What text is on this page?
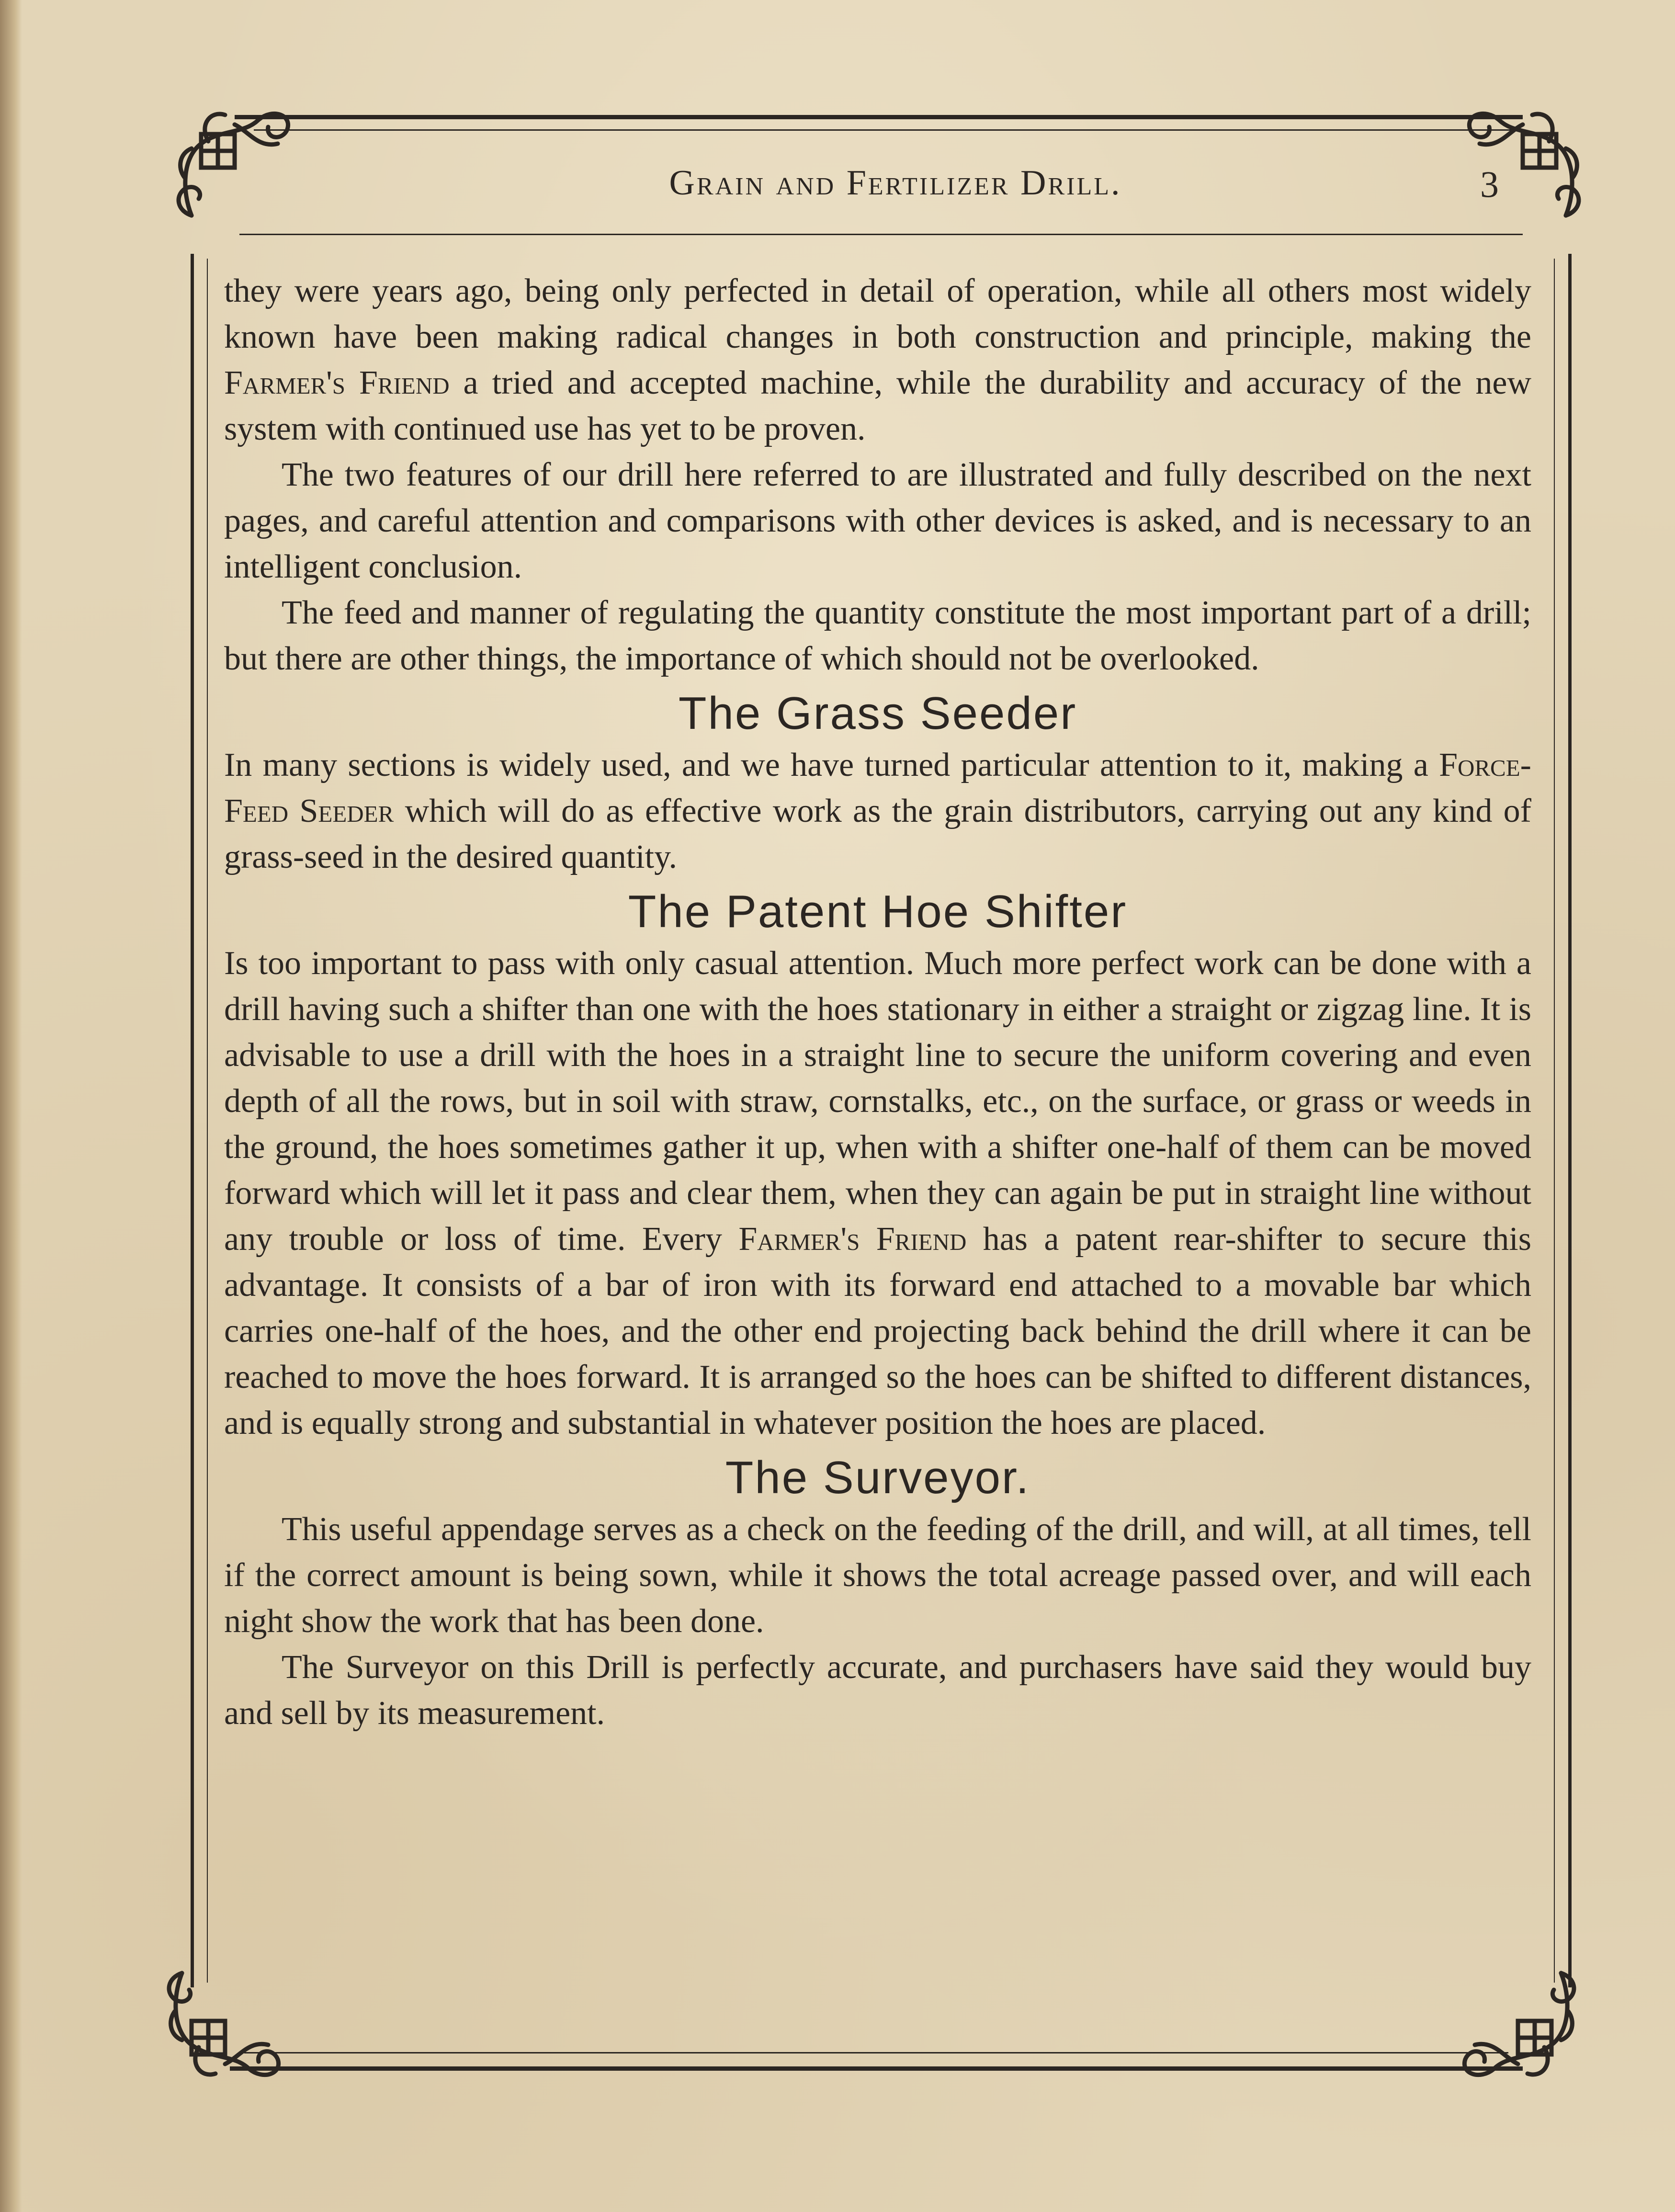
Grain and Fertilizer Drill.	3

they were years ago, being only perfected in detail of operation, while all others most widely known have been making radical changes in both construction and principle, making the Farmer's Friend a tried and accepted machine, while the durability and accuracy of the new system with continued use has yet to be proven.

The two features of our drill here referred to are illustrated and fully described on the next pages, and careful attention and comparisons with other devices is asked, and is necessary to an intelligent conclusion.

The feed and manner of regulating the quantity constitute the most important part of a drill; but there are other things, the importance of which should not be overlooked.

The Grass Seeder

In many sections is widely used, and we have turned particular attention to it, making a Force-Feed Seeder which will do as effective work as the grain distributors, carrying out any kind of grass-seed in the desired quantity.

The Patent Hoe Shifter

Is too important to pass with only casual attention. Much more perfect work can be done with a drill having such a shifter than one with the hoes stationary in either a straight or zigzag line. It is advisable to use a drill with the hoes in a straight line to secure the uniform covering and even depth of all the rows, but in soil with straw, cornstalks, etc., on the surface, or grass or weeds in the ground, the hoes sometimes gather it up, when with a shifter one-half of them can be moved forward which will let it pass and clear them, when they can again be put in straight line without any trouble or loss of time. Every Farmer's Friend has a patent rear-shifter to secure this advantage. It consists of a bar of iron with its forward end attached to a movable bar which carries one-half of the hoes, and the other end projecting back behind the drill where it can be reached to move the hoes forward. It is arranged so the hoes can be shifted to different distances, and is equally strong and substantial in whatever position the hoes are placed.

The Surveyor.

This useful appendage serves as a check on the feeding of the drill, and will, at all times, tell if the correct amount is being sown, while it shows the total acreage passed over, and will each night show the work that has been done.

The Surveyor on this Drill is perfectly accurate, and purchasers have said they would buy and sell by its measurement.
